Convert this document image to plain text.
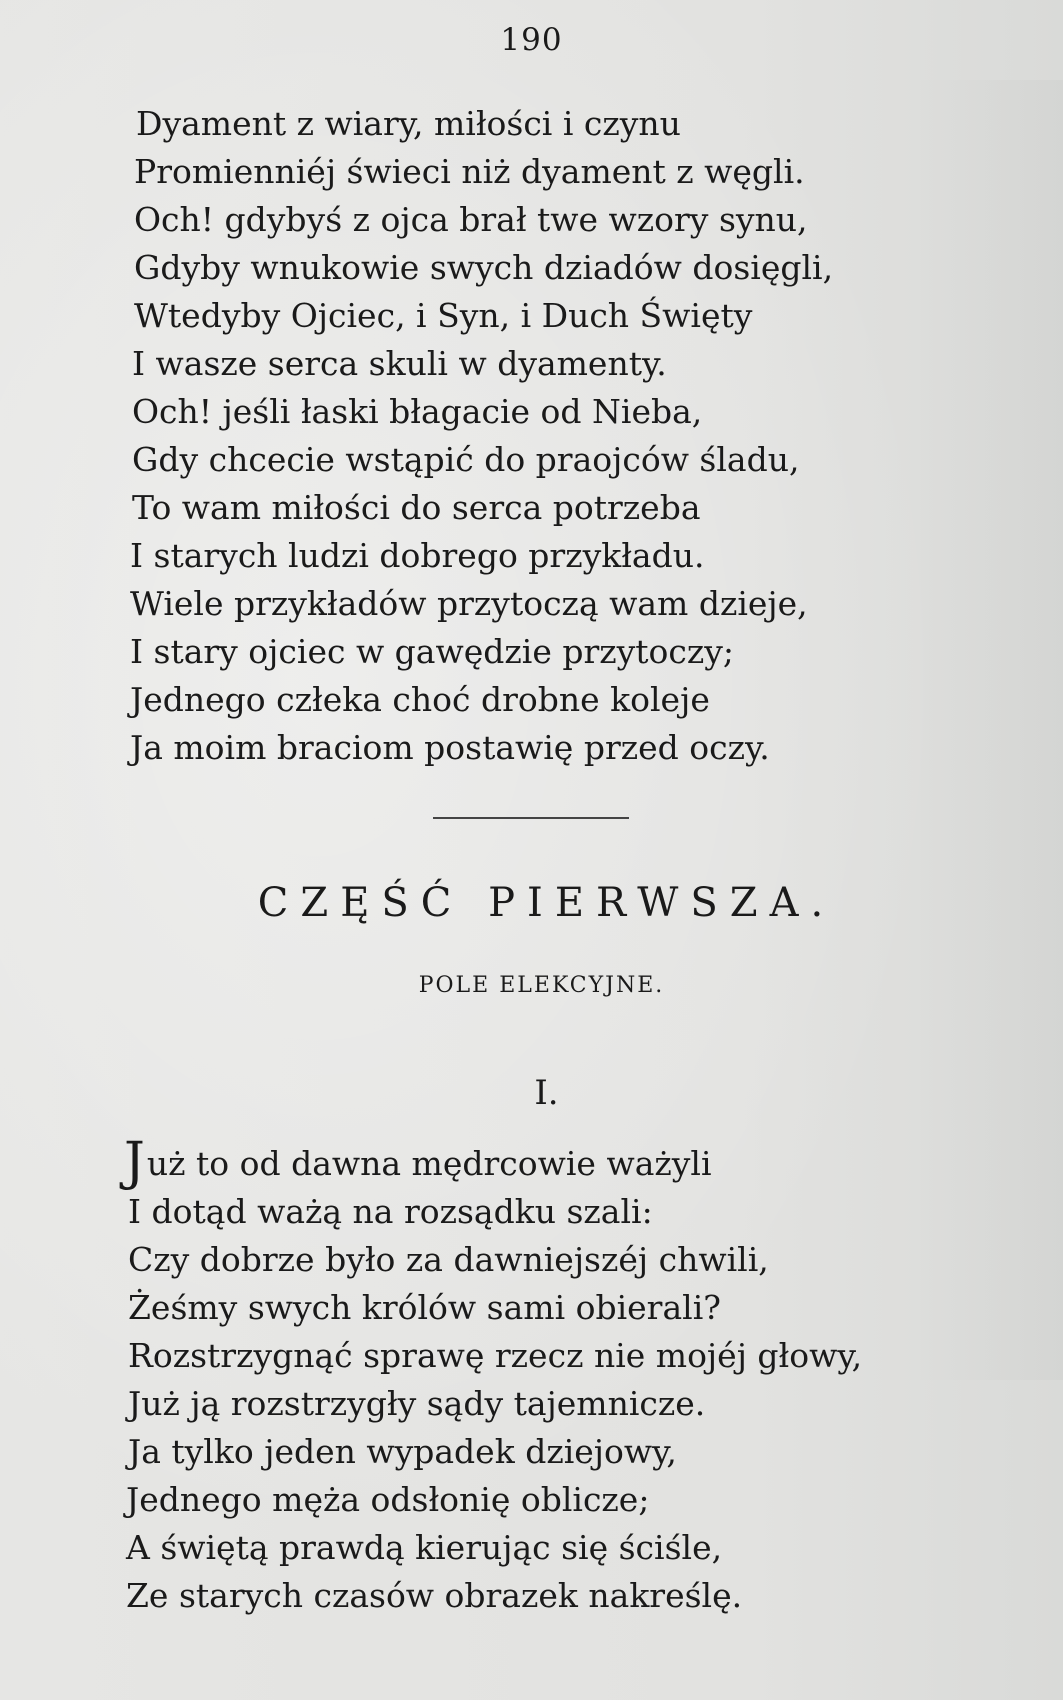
190
Dyament z wiary, miłości i czynu
Promienniéj świeci niż dyament z węgli.
Och! gdybyś z ojca brał twe wzory synu,
Gdyby wnukowie swych dziadów dosięgli,
Wtedyby Ojciec, i Syn, i Duch Święty
I wasze serca skuli w dyamenty.
Och! jeśli łaski błagacie od Nieba,
Gdy chcecie wstąpić do praojców śladu,
To wam miłości do serca potrzeba
I starych ludzi dobrego przykładu.
Wiele przykładów przytoczą wam dzieje,
I stary ojciec w gawędzie przytoczy;
Jednego człeka choć drobne koleje
Ja moim braciom postawię przed oczy.
CZĘŚĆ PIERWSZA.
POLE ELEKCYJNE.
I.
Już to od dawna mędrcowie ważyli
I dotąd ważą na rozsądku szali:
Czy dobrze było za dawniejszéj chwili,
Żeśmy swych królów sami obierali?
Rozstrzygnąć sprawę rzecz nie mojéj głowy,
Już ją rozstrzygły sądy tajemnicze.
Ja tylko jeden wypadek dziejowy,
Jednego męża odsłonię oblicze;
A świętą prawdą kierując się ściśle,
Ze starych czasów obrazek nakreślę.
